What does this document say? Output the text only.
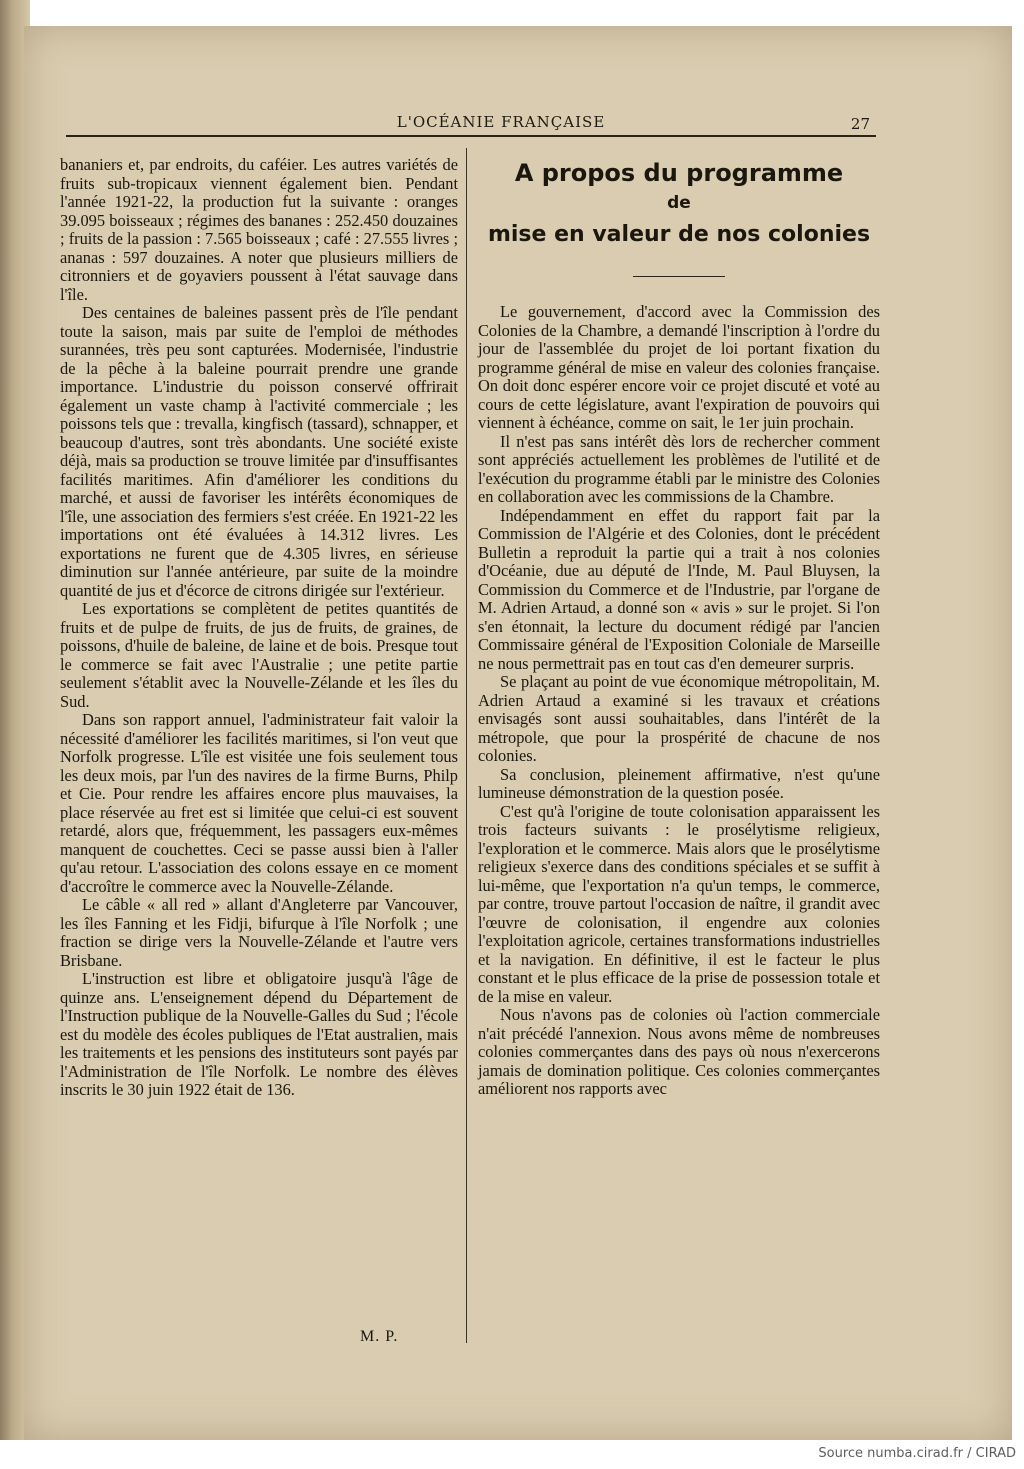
L'OCÉANIE FRANÇAISE	27

bananiers et, par endroits, du caféier. Les autres variétés de fruits sub-tropicaux viennent également bien. Pendant l'année 1921-22, la production fut la suivante : oranges 39.095 boisseaux ; régimes des bananes : 252.450 douzaines ; fruits de la passion : 7.565 boisseaux ; café : 27.555 livres ; ananas : 597 douzaines. A noter que plusieurs milliers de citronniers et de goyaviers poussent à l'état sauvage dans l'île.

Des centaines de baleines passent près de l'île pendant toute la saison, mais par suite de l'emploi de méthodes surannées, très peu sont capturées. Modernisée, l'industrie de la pêche à la baleine pourrait prendre une grande importance. L'industrie du poisson conservé offrirait également un vaste champ à l'activité commerciale ; les poissons tels que : trevalla, kingfisch (tassard), schnapper, et beaucoup d'autres, sont très abondants. Une société existe déjà, mais sa production se trouve limitée par d'insuffisantes facilités maritimes. Afin d'améliorer les conditions du marché, et aussi de favoriser les intérêts économiques de l'île, une association des fermiers s'est créée. En 1921-22 les importations ont été évaluées à 14.312 livres. Les exportations ne furent que de 4.305 livres, en sérieuse diminution sur l'année antérieure, par suite de la moindre quantité de jus et d'écorce de citrons dirigée sur l'extérieur.

Les exportations se complètent de petites quantités de fruits et de pulpe de fruits, de jus de fruits, de graines, de poissons, d'huile de baleine, de laine et de bois. Presque tout le commerce se fait avec l'Australie ; une petite partie seulement s'établit avec la Nouvelle-Zélande et les îles du Sud.

Dans son rapport annuel, l'administrateur fait valoir la nécessité d'améliorer les facilités maritimes, si l'on veut que Norfolk progresse. L'île est visitée une fois seulement tous les deux mois, par l'un des navires de la firme Burns, Philp et Cie. Pour rendre les affaires encore plus mauvaises, la place réservée au fret est si limitée que celui-ci est souvent retardé, alors que, fréquemment, les passagers eux-mêmes manquent de couchettes. Ceci se passe aussi bien à l'aller qu'au retour. L'association des colons essaye en ce moment d'accroître le commerce avec la Nouvelle-Zélande.

Le câble « all red » allant d'Angleterre par Vancouver, les îles Fanning et les Fidji, bifurque à l'île Norfolk ; une fraction se dirige vers la Nouvelle-Zélande et l'autre vers Brisbane.

L'instruction est libre et obligatoire jusqu'à l'âge de quinze ans. L'enseignement dépend du Département de l'Instruction publique de la Nouvelle-Galles du Sud ; l'école est du modèle des écoles publiques de l'Etat australien, mais les traitements et les pensions des instituteurs sont payés par l'Administration de l'île Norfolk. Le nombre des élèves inscrits le 30 juin 1922 était de 136.

M. P.
A propos du programme
de
mise en valeur de nos colonies

Le gouvernement, d'accord avec la Commission des Colonies de la Chambre, a demandé l'inscription à l'ordre du jour de l'assemblée du projet de loi portant fixation du programme général de mise en valeur des colonies française. On doit donc espérer encore voir ce projet discuté et voté au cours de cette législature, avant l'expiration de pouvoirs qui viennent à échéance, comme on sait, le 1er juin prochain.

Il n'est pas sans intérêt dès lors de rechercher comment sont appréciés actuellement les problèmes de l'utilité et de l'exécution du programme établi par le ministre des Colonies en collaboration avec les commissions de la Chambre.

Indépendamment en effet du rapport fait par la Commission de l'Algérie et des Colonies, dont le précédent Bulletin a reproduit la partie qui a trait à nos colonies d'Océanie, due au député de l'Inde, M. Paul Bluysen, la Commission du Commerce et de l'Industrie, par l'organe de M. Adrien Artaud, a donné son « avis » sur le projet. Si l'on s'en étonnait, la lecture du document rédigé par l'ancien Commissaire général de l'Exposition Coloniale de Marseille ne nous permettrait pas en tout cas d'en demeurer surpris.

Se plaçant au point de vue économique métropolitain, M. Adrien Artaud a examiné si les travaux et créations envisagés sont aussi souhaitables, dans l'intérêt de la métropole, que pour la prospérité de chacune de nos colonies.

Sa conclusion, pleinement affirmative, n'est qu'une lumineuse démonstration de la question posée.

C'est qu'à l'origine de toute colonisation apparaissent les trois facteurs suivants : le prosélytisme religieux, l'exploration et le commerce. Mais alors que le prosélytisme religieux s'exerce dans des conditions spéciales et se suffit à lui-même, que l'exportation n'a qu'un temps, le commerce, par contre, trouve partout l'occasion de naître, il grandit avec l'œuvre de colonisation, il engendre aux colonies l'exploitation agricole, certaines transformations industrielles et la navigation. En définitive, il est le facteur le plus constant et le plus efficace de la prise de possession totale et de la mise en valeur.

Nous n'avons pas de colonies où l'action commerciale n'ait précédé l'annexion. Nous avons même de nombreuses colonies commerçantes dans des pays où nous n'exercerons jamais de domination politique. Ces colonies commerçantes améliorent nos rapports avec

Source numba.cirad.fr / CIRAD
